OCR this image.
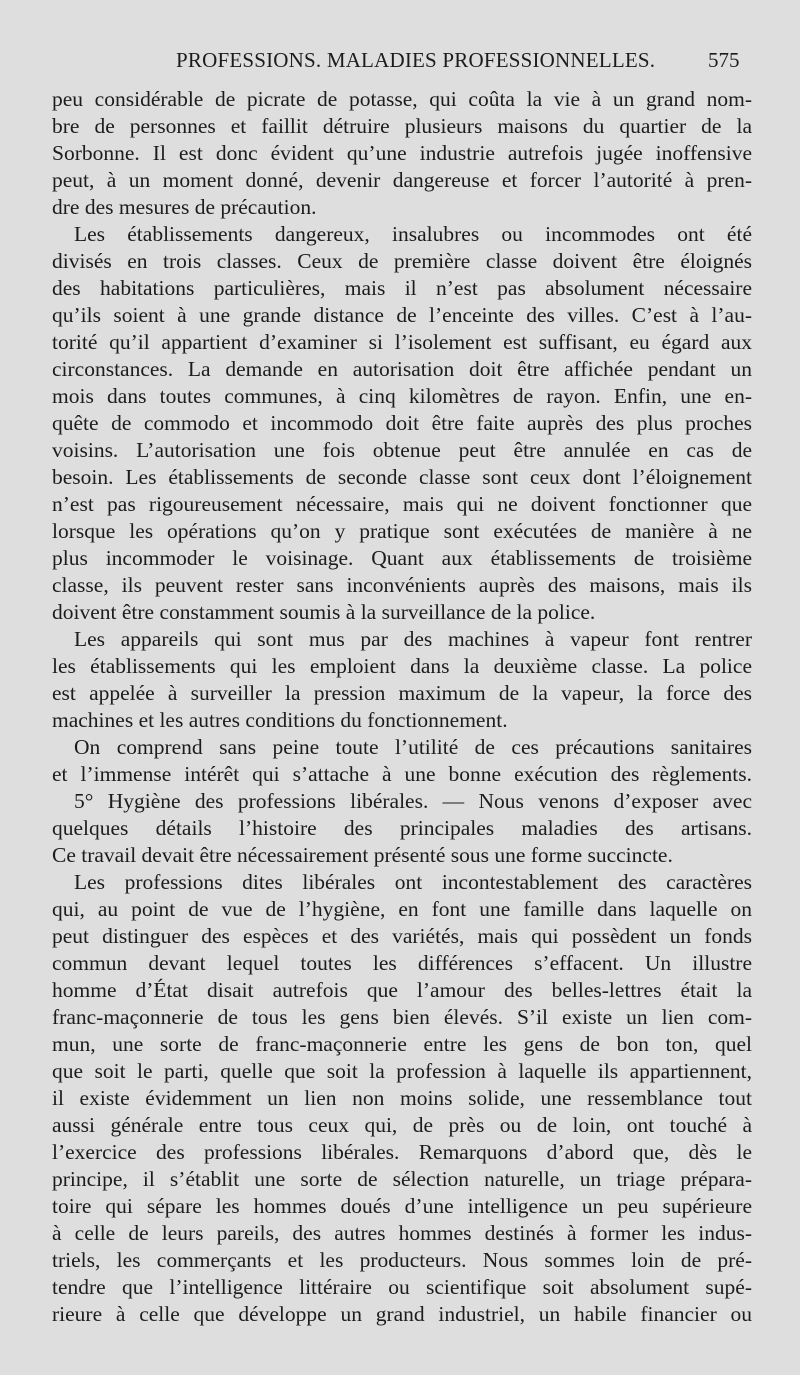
PROFESSIONS. MALADIES PROFESSIONNELLES.	575
peu considérable de picrate de potasse, qui coûta la vie à un grand nom-
bre de personnes et faillit détruire plusieurs maisons du quartier de la
Sorbonne. Il est donc évident qu’une industrie autrefois jugée inoffensive
peut, à un moment donné, devenir dangereuse et forcer l’autorité à pren-
dre des mesures de précaution.
Les établissements dangereux, insalubres ou incommodes ont été
divisés en trois classes. Ceux de première classe doivent être éloignés
des habitations particulières, mais il n’est pas absolument nécessaire
qu’ils soient à une grande distance de l’enceinte des villes. C’est à l’au-
torité qu’il appartient d’examiner si l’isolement est suffisant, eu égard aux
circonstances. La demande en autorisation doit être affichée pendant un
mois dans toutes communes, à cinq kilomètres de rayon. Enfin, une en-
quête de commodo et incommodo doit être faite auprès des plus proches
voisins. L’autorisation une fois obtenue peut être annulée en cas de
besoin. Les établissements de seconde classe sont ceux dont l’éloignement
n’est pas rigoureusement nécessaire, mais qui ne doivent fonctionner que
lorsque les opérations qu’on y pratique sont exécutées de manière à ne
plus incommoder le voisinage. Quant aux établissements de troisième
classe, ils peuvent rester sans inconvénients auprès des maisons, mais ils
doivent être constamment soumis à la surveillance de la police.
Les appareils qui sont mus par des machines à vapeur font rentrer
les établissements qui les emploient dans la deuxième classe. La police
est appelée à surveiller la pression maximum de la vapeur, la force des
machines et les autres conditions du fonctionnement.
On comprend sans peine toute l’utilité de ces précautions sanitaires
et l’immense intérêt qui s’attache à une bonne exécution des règlements.
5° Hygiène des professions libérales. — Nous venons d’exposer avec
quelques détails l’histoire des principales maladies des artisans.
Ce travail devait être nécessairement présenté sous une forme succincte.
Les professions dites libérales ont incontestablement des caractères
qui, au point de vue de l’hygiène, en font une famille dans laquelle on
peut distinguer des espèces et des variétés, mais qui possèdent un fonds
commun devant lequel toutes les différences s’effacent. Un illustre
homme d’État disait autrefois que l’amour des belles-lettres était la
franc-maçonnerie de tous les gens bien élevés. S’il existe un lien com-
mun, une sorte de franc-maçonnerie entre les gens de bon ton, quel
que soit le parti, quelle que soit la profession à laquelle ils appartiennent,
il existe évidemment un lien non moins solide, une ressemblance tout
aussi générale entre tous ceux qui, de près ou de loin, ont touché à
l’exercice des professions libérales. Remarquons d’abord que, dès le
principe, il s’établit une sorte de sélection naturelle, un triage prépara-
toire qui sépare les hommes doués d’une intelligence un peu supérieure
à celle de leurs pareils, des autres hommes destinés à former les indus-
triels, les commerçants et les producteurs. Nous sommes loin de pré-
tendre que l’intelligence littéraire ou scientifique soit absolument supé-
rieure à celle que développe un grand industriel, un habile financier ou
